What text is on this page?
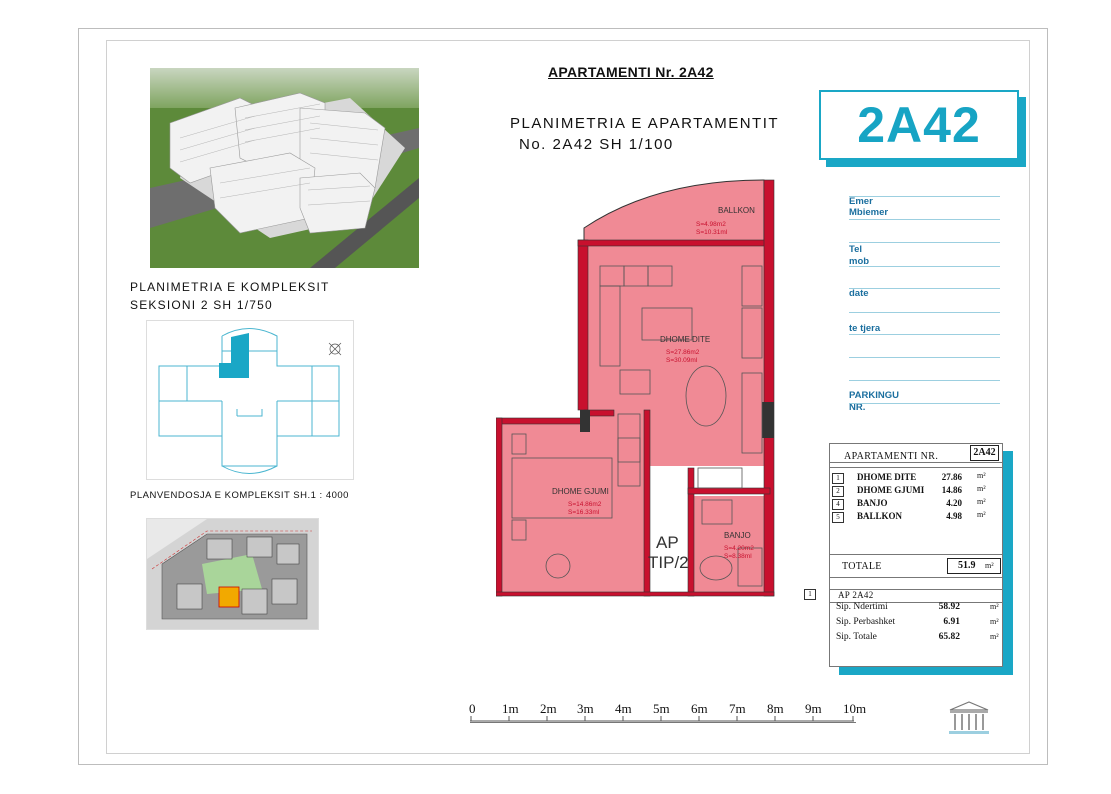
APARTAMENTI Nr. 2A42
PLANIMETRIA E APARTAMENTIT
No. 2A42 SH 1/100	2A42
PLANIMETRIA E KOMPLEKSIT
SEKSIONI 2 SH 1/750
PLANVENDOSJA E KOMPLEKSIT SH.1 : 4000
BALLKON
S=4.98m2
S=10.31ml
DHOME DITE
S=27.86m2
S=30.09ml
DHOME GJUMI
S=14.86m2
S=16.33ml
BANJO
S=4.20m2
S=8.38ml
AP
TIP/2
Emer
Mbiemer
Tel
mob
date
te tjera
PARKINGU
NR.
APARTAMENTI NR.	2A42
1	DHOME DITE	27.86 m²
2	DHOME GJUMI	14.86 m²
4	BANJO	4.20 m²
5	BALLKON	4.98 m²
TOTALE	51.9 m²
AP 2A42
Sip. Ndertimi	58.92	m²
Sip. Perbashket	6.91	m²
Sip. Totale	65.82	m²
1
0 1m 2m 3m 4m 5m 6m 7m 8m 9m 10m
